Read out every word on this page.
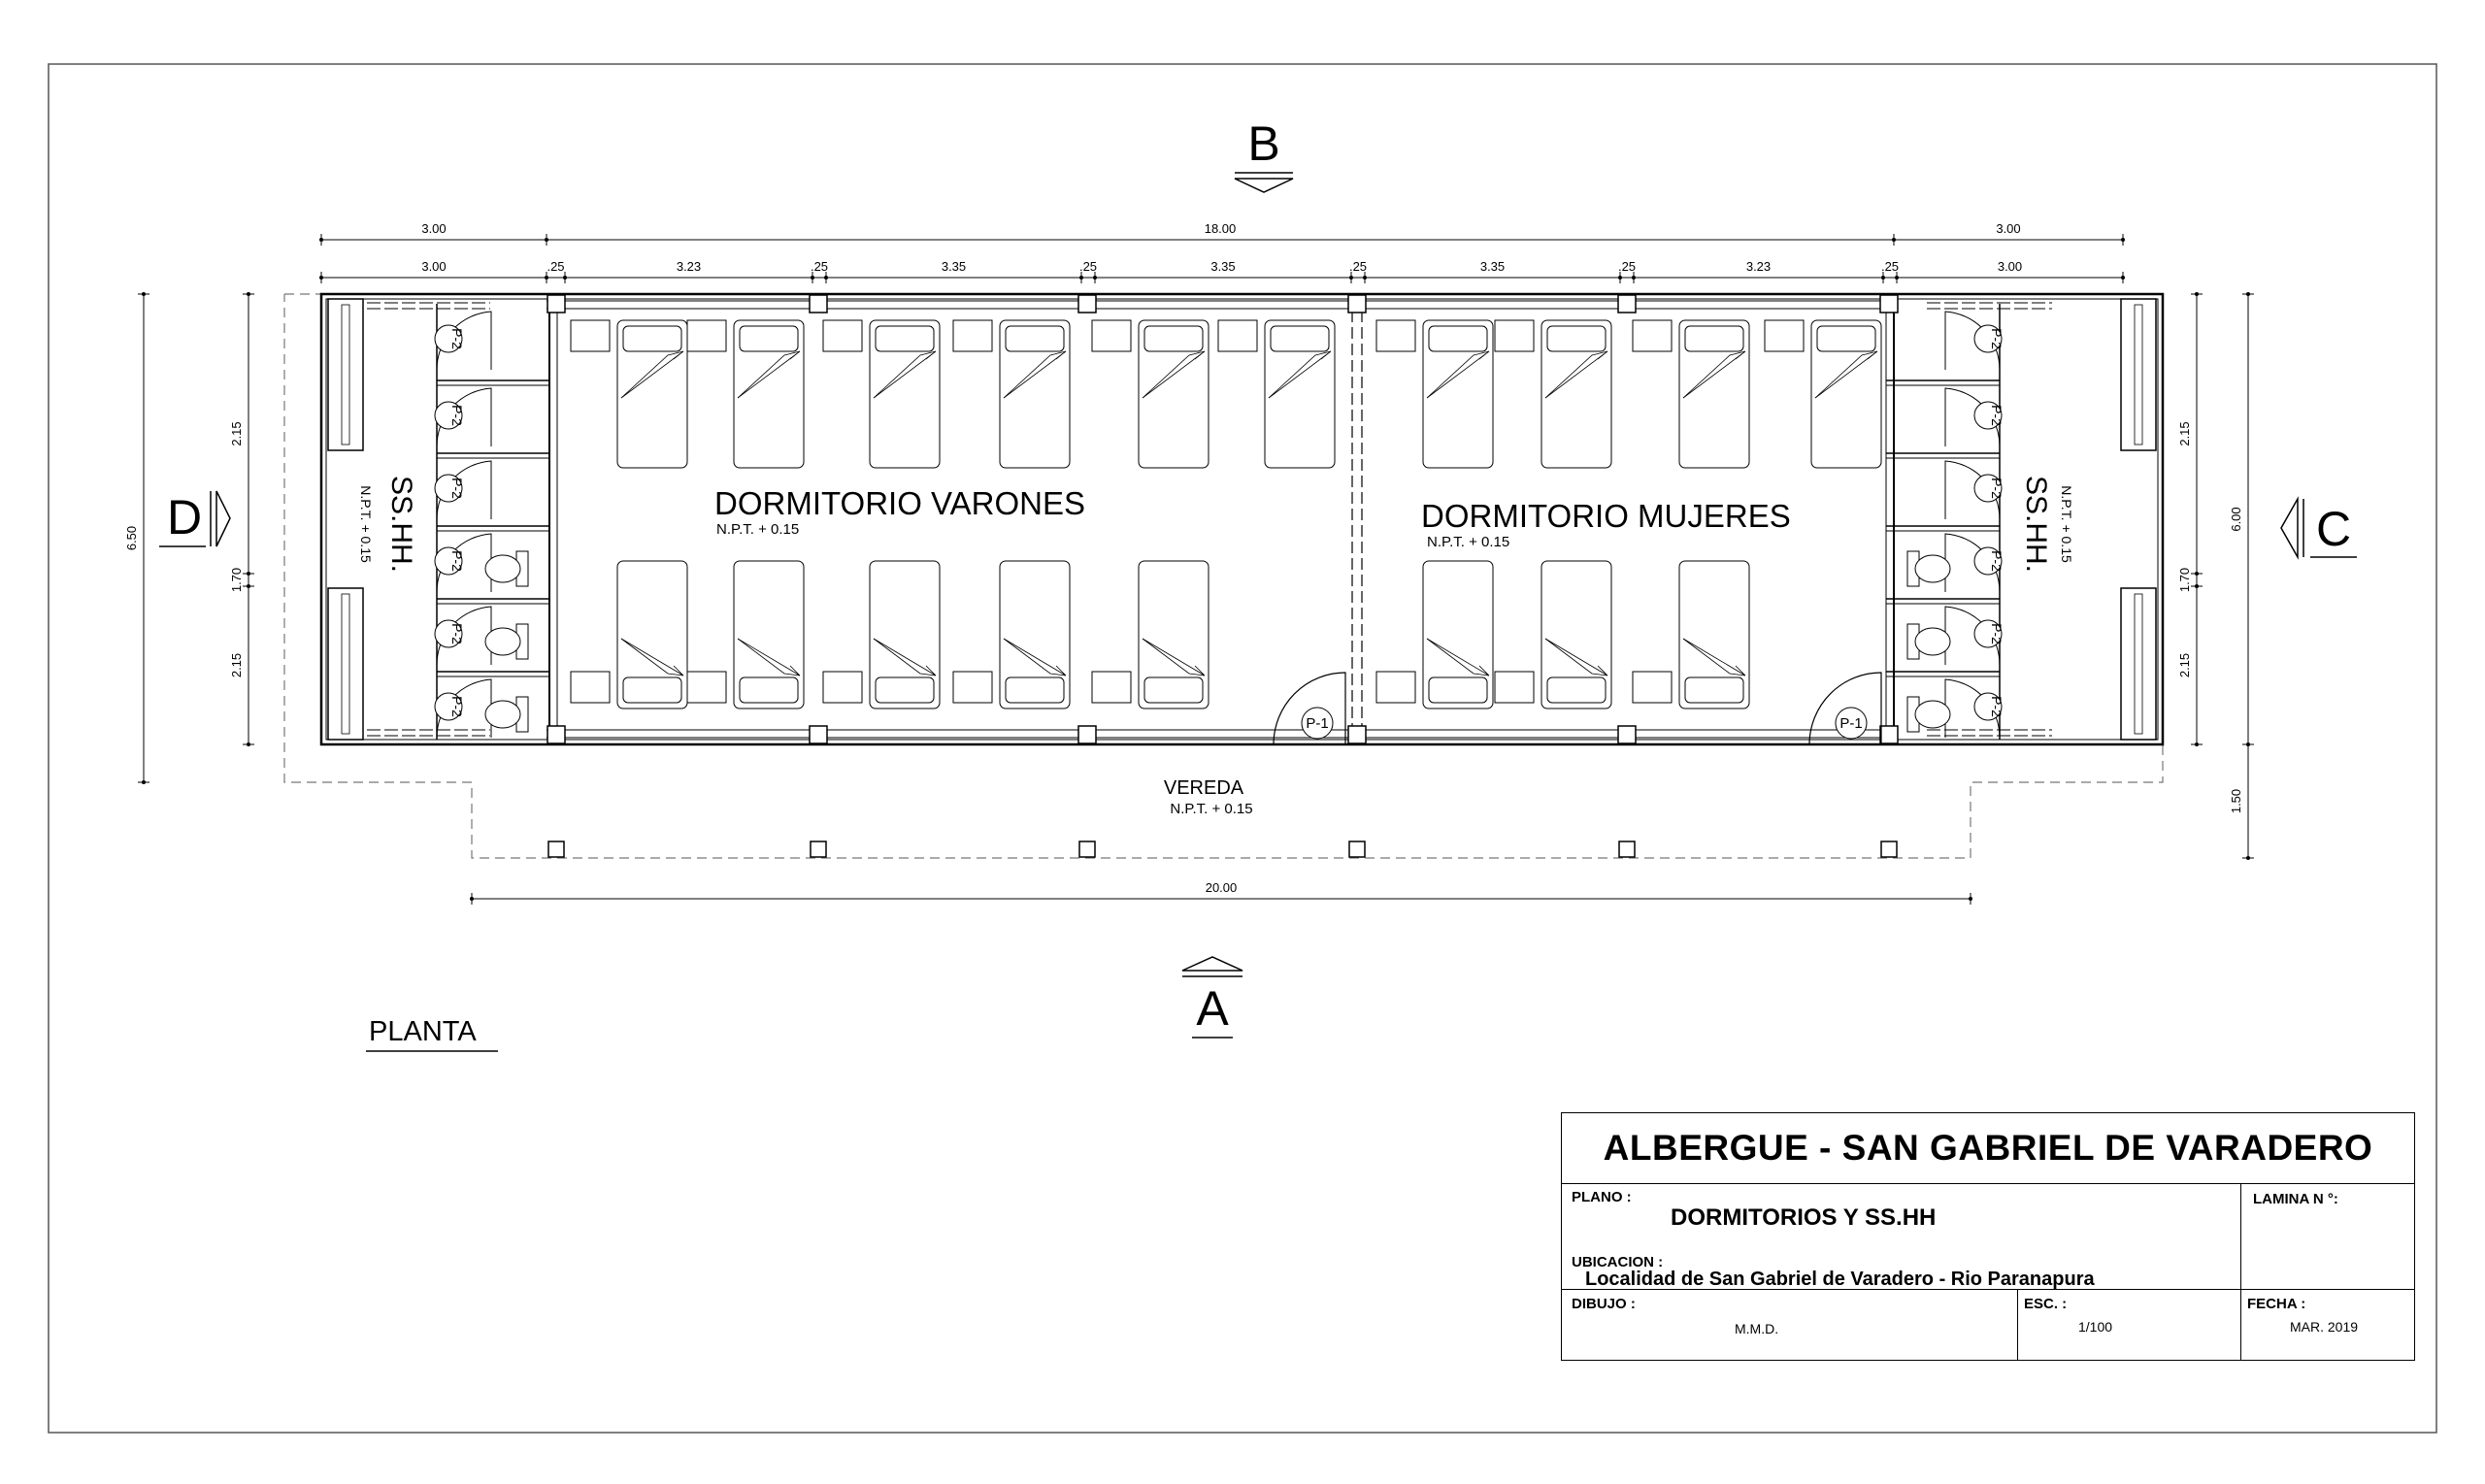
P-2
P-2
P-2
P-2
P-2
P-2
P-2
P-2
P-2
P-2
P-2
P-2
3.00	18.00	3.00
3.00	.25	3.23	.25	3.35	.25	3.35	.25	3.35	.25	3.23	.25	3.00
6.50
2.15
1.70
2.15
2.15
1.70
2.15
6.00
1.50
20.00
P-1	P-1
DORMITORIO VARONES
N.P.T. + 0.15	DORMITORIO MUJERES
N.P.T. + 0.15
VEREDA
N.P.T. + 0.15
SS.HH.
N.P.T. + 0.15	SS.HH. N.P.T. + 0.15
B
A
D	C
PLANTA
ALBERGUE - SAN GABRIEL DE VARADERO
PLANO :
DORMITORIOS Y SS.HH
LAMINA N °:
UBICACION :
Localidad de San Gabriel de Varadero - Rio Paranapura
DIBUJO :
M.M.D.
ESC. :
1/100
FECHA :
MAR. 2019
